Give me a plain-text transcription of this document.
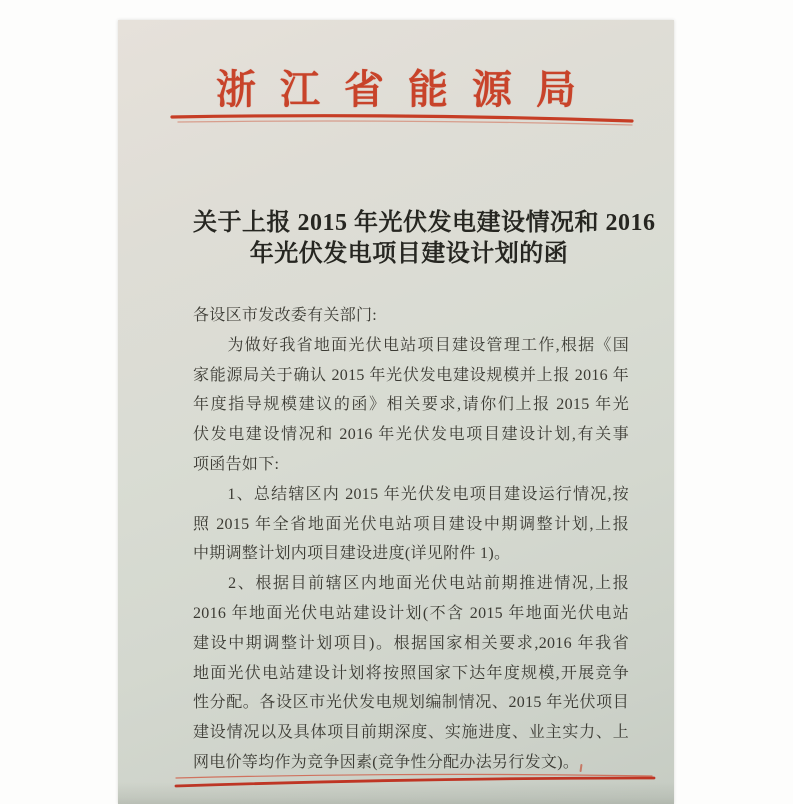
浙江省能源局
关于上报 2015 年光伏发电建设情况和 2016
年光伏发电项目建设计划的函
各设区市发改委有关部门:
　　为做好我省地面光伏电站项目建设管理工作,根据《国
家能源局关于确认 2015 年光伏发电建设规模并上报 2016 年
年度指导规模建议的函》相关要求,请你们上报 2015 年光
伏发电建设情况和 2016 年光伏发电项目建设计划,有关事
项函告如下:
　　1、总结辖区内 2015 年光伏发电项目建设运行情况,按
照 2015 年全省地面光伏电站项目建设中期调整计划,上报
中期调整计划内项目建设进度(详见附件 1)。
　　2、根据目前辖区内地面光伏电站前期推进情况,上报
2016 年地面光伏电站建设计划(不含 2015 年地面光伏电站
建设中期调整计划项目)。根据国家相关要求,2016 年我省
地面光伏电站建设计划将按照国家下达年度规模,开展竞争
性分配。各设区市光伏发电规划编制情况、2015 年光伏项目
建设情况以及具体项目前期深度、实施进度、业主实力、上
网电价等均作为竞争因素(竞争性分配办法另行发文)。
